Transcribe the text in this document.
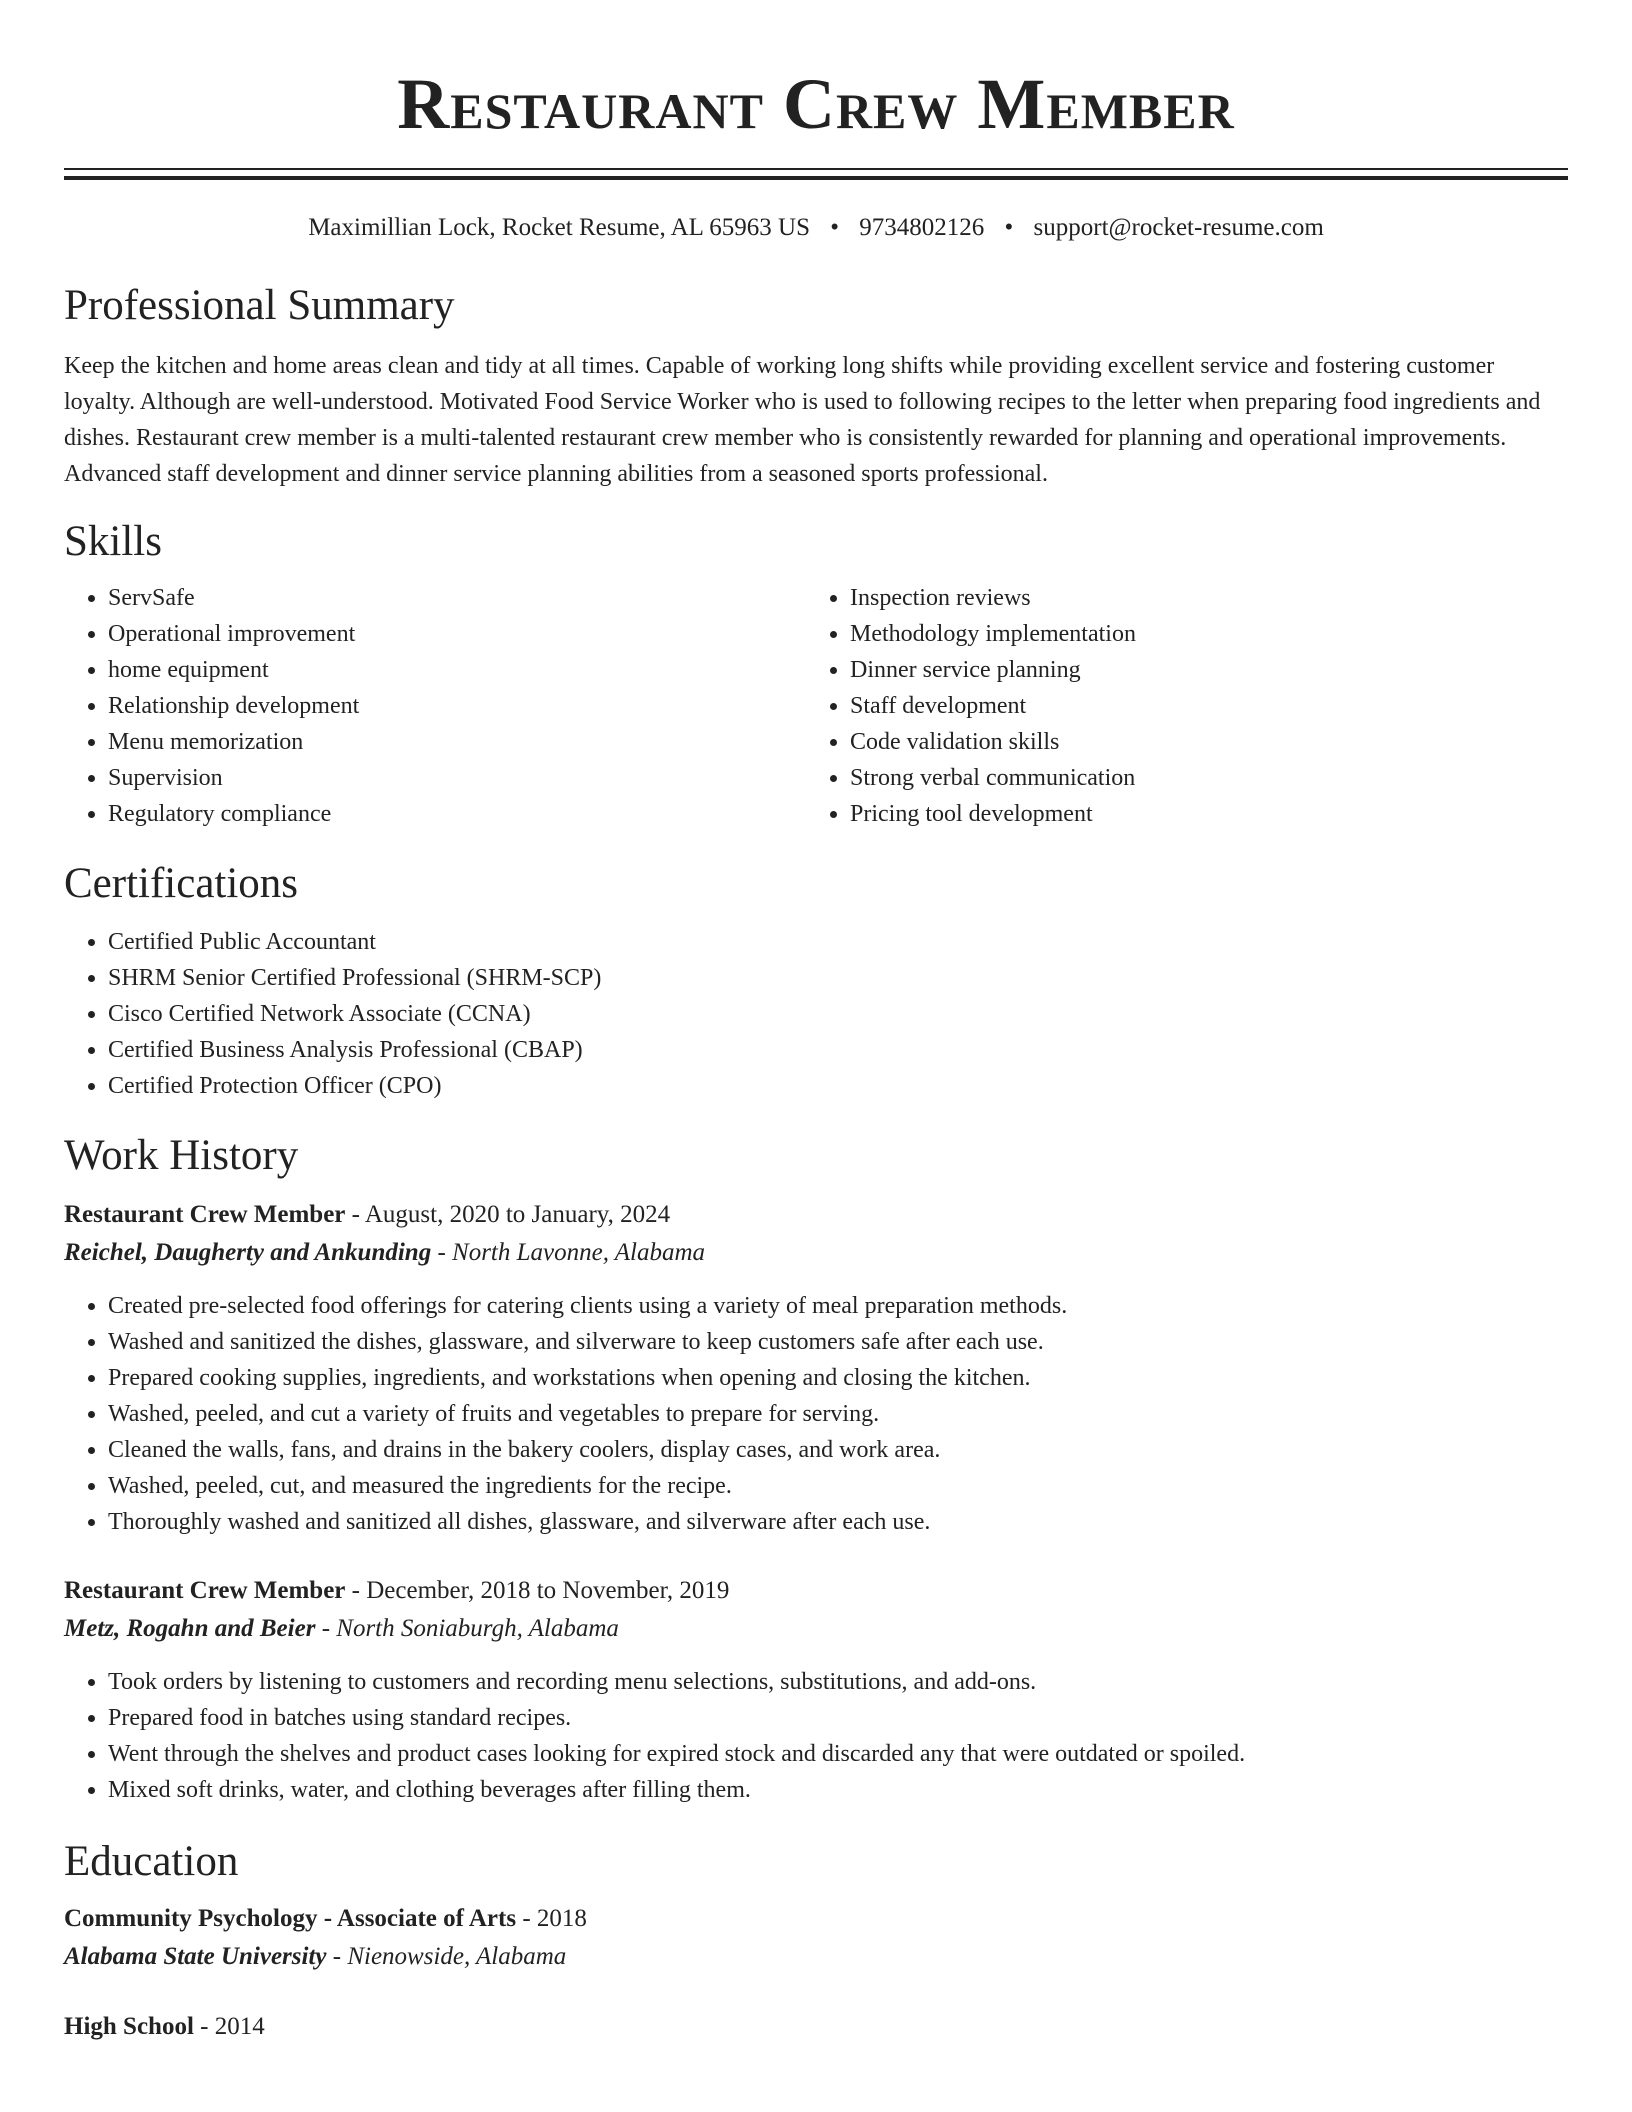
Restaurant Crew Member
Maximillian Lock, Rocket Resume, AL 65963 US • 9734802126 • support@rocket-resume.com
Professional Summary

Keep the kitchen and home areas clean and tidy at all times. Capable of working long shifts while providing excellent service and fostering customer loyalty. Although are well-understood. Motivated Food Service Worker who is used to following recipes to the letter when preparing food ingredients and dishes. Restaurant crew member is a multi-talented restaurant crew member who is consistently rewarded for planning and operational improvements. Advanced staff development and dinner service planning abilities from a seasoned sports professional.

Skills
• ServSafe
• Operational improvement
• home equipment
• Relationship development
• Menu memorization
• Supervision
• Regulatory compliance
• Inspection reviews
• Methodology implementation
• Dinner service planning
• Staff development
• Code validation skills
• Strong verbal communication
• Pricing tool development
Certifications
• Certified Public Accountant
• SHRM Senior Certified Professional (SHRM-SCP)
• Cisco Certified Network Associate (CCNA)
• Certified Business Analysis Professional (CBAP)
• Certified Protection Officer (CPO)
Work History

Restaurant Crew Member - August, 2020 to January, 2024

Reichel, Daugherty and Ankunding - North Lavonne, Alabama

• Created pre-selected food offerings for catering clients using a variety of meal preparation methods.
• Washed and sanitized the dishes, glassware, and silverware to keep customers safe after each use.
• Prepared cooking supplies, ingredients, and workstations when opening and closing the kitchen.
• Washed, peeled, and cut a variety of fruits and vegetables to prepare for serving.
• Cleaned the walls, fans, and drains in the bakery coolers, display cases, and work area.
• Washed, peeled, cut, and measured the ingredients for the recipe.
• Thoroughly washed and sanitized all dishes, glassware, and silverware after each use.

Restaurant Crew Member - December, 2018 to November, 2019

Metz, Rogahn and Beier - North Soniaburgh, Alabama

• Took orders by listening to customers and recording menu selections, substitutions, and add-ons.
• Prepared food in batches using standard recipes.
• Went through the shelves and product cases looking for expired stock and discarded any that were outdated or spoiled.
• Mixed soft drinks, water, and clothing beverages after filling them.
Education

Community Psychology - Associate of Arts - 2018

Alabama State University - Nienowside, Alabama

High School - 2014
